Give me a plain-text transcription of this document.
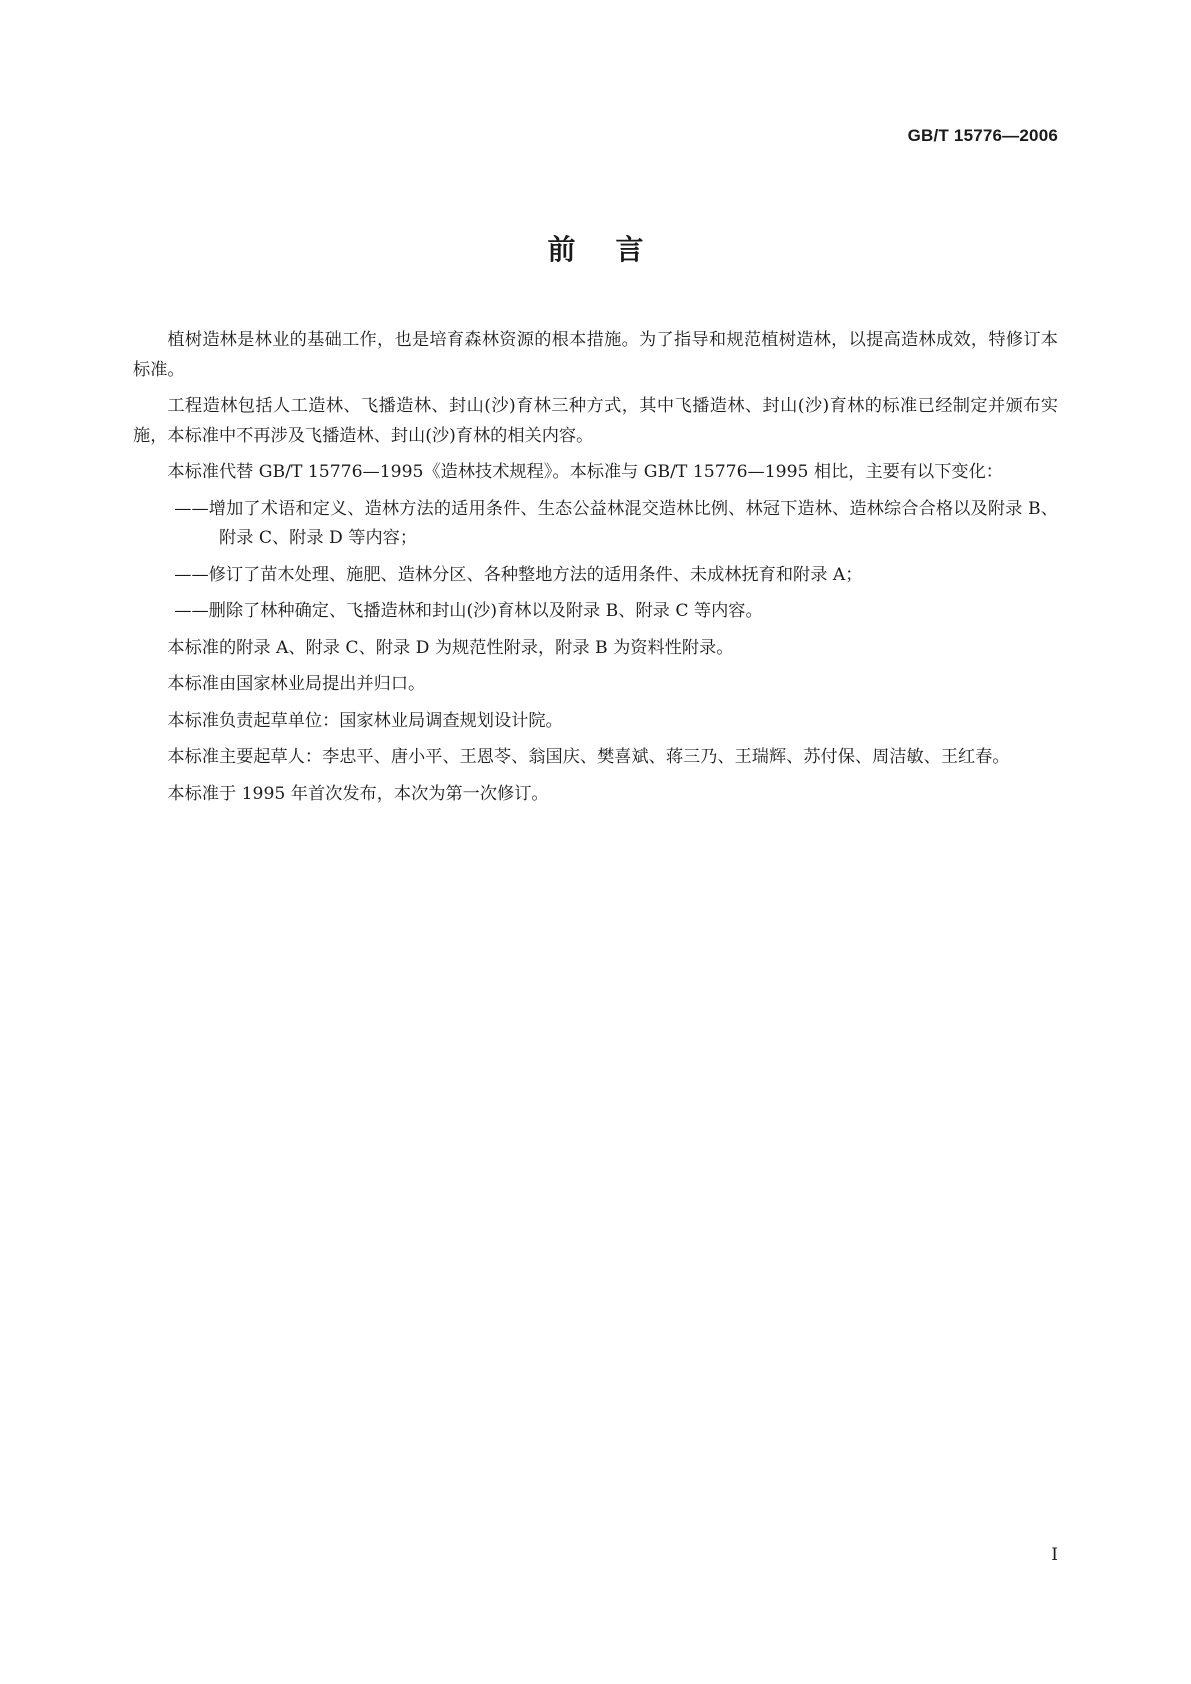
GB/T 15776—2006
前言

植树造林是林业的基础工作，也是培育森林资源的根本措施。为了指导和规范植树造林，以提高造林成效，特修订本标准。

工程造林包括人工造林、飞播造林、封山(沙)育林三种方式，其中飞播造林、封山(沙)育林的标准已经制定并颁布实施，本标准中不再涉及飞播造林、封山(沙)育林的相关内容。

本标准代替 GB/T 15776—1995《造林技术规程》。本标准与 GB/T 15776—1995 相比，主要有以下变化：

——增加了术语和定义、造林方法的适用条件、生态公益林混交造林比例、林冠下造林、造林综合合格以及附录 B、附录 C、附录 D 等内容；

——修订了苗木处理、施肥、造林分区、各种整地方法的适用条件、未成林抚育和附录 A；

——删除了林种确定、飞播造林和封山(沙)育林以及附录 B、附录 C 等内容。

本标准的附录 A、附录 C、附录 D 为规范性附录，附录 B 为资料性附录。

本标准由国家林业局提出并归口。

本标准负责起草单位：国家林业局调查规划设计院。

本标准主要起草人：李忠平、唐小平、王恩苓、翁国庆、樊喜斌、蒋三乃、王瑞辉、苏付保、周洁敏、王红春。

本标准于 1995 年首次发布，本次为第一次修订。

I
